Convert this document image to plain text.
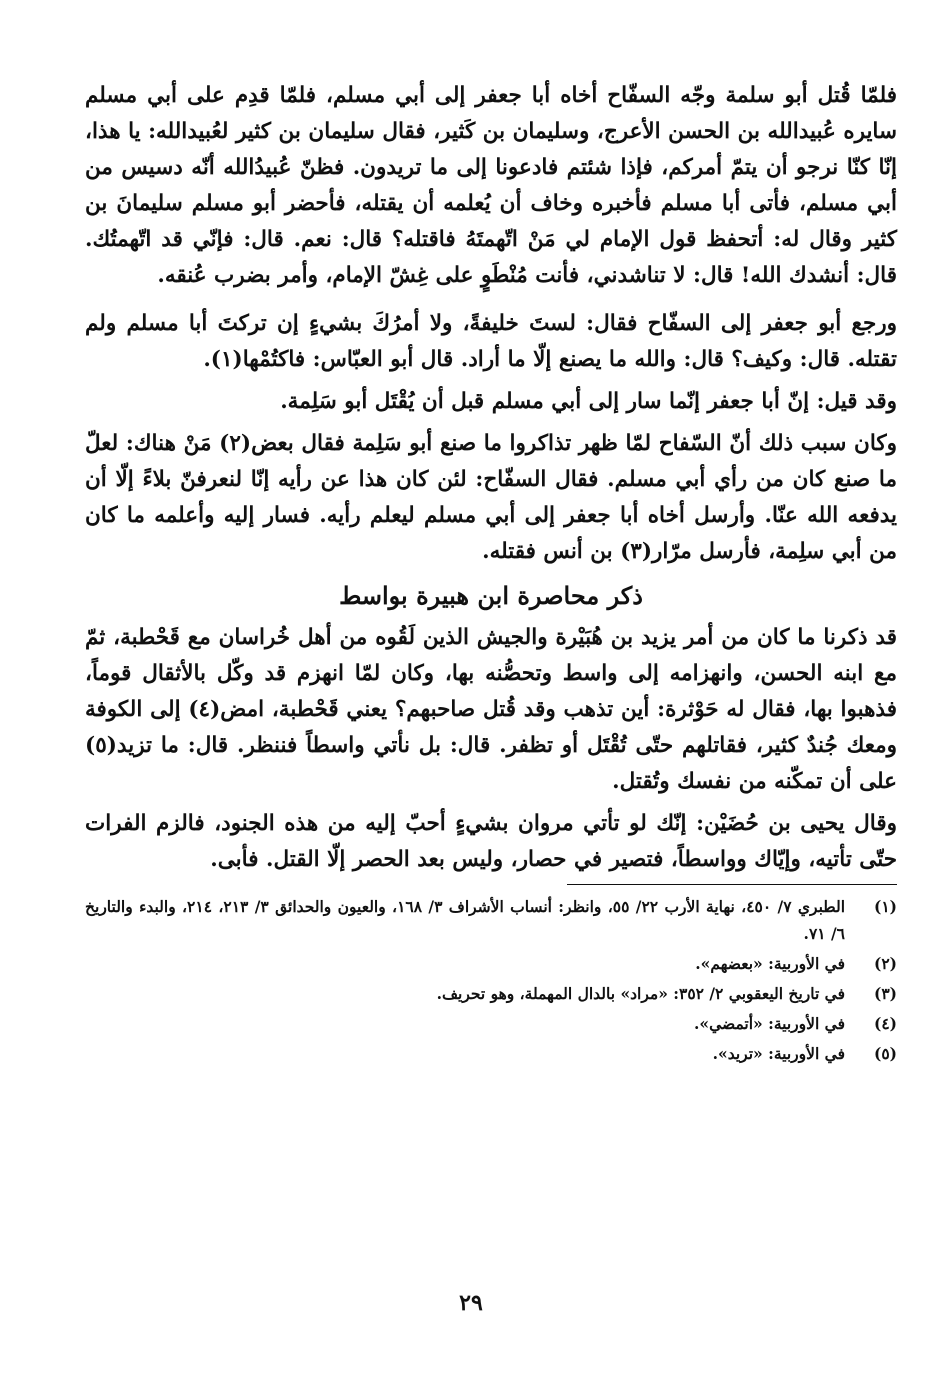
فلمّا قُتل أبو سلمة وجّه السفّاح أخاه أبا جعفر إلى أبي مسلم، فلمّا قدِم على أبي مسلم سايره عُبيدالله بن الحسن الأعرج، وسليمان بن كَثير، فقال سليمان بن كثير لعُبيدالله: يا هذا، إنّا كنّا نرجو أن يتمّ أمركم، فإذا شئتم فادعونا إلى ما تريدون. فظنّ عُبيدُالله أنّه دسيس من أبي مسلم، فأتى أبا مسلم فأخبره وخاف أن يُعلمه أن يقتله، فأحضر أبو مسلم سليمانَ بن كثير وقال له: أتحفظ قول الإمام لي مَنْ اتّهمتَهُ فاقتله؟ قال: نعم. قال: فإنّي قد اتّهمتُك. قال: أنشدك الله! قال: لا تناشدني، فأنت مُنْطَوٍ على غِشّ الإمام، وأمر بضرب عُنقه.

ورجع أبو جعفر إلى السفّاح فقال: لستَ خليفةً، ولا أمرُكَ بشيءٍ إن تركتَ أبا مسلم ولم تقتله. قال: وكيف؟ قال: والله ما يصنع إلّا ما أراد. قال أبو العبّاس: فاكتُمْها(١).

وقد قيل: إنّ أبا جعفر إنّما سار إلى أبي مسلم قبل أن يُقْتَل أبو سَلِمة.

وكان سبب ذلك أنّ السّفاح لمّا ظهر تذاكروا ما صنع أبو سَلِمة فقال بعض(٢) مَنْ هناك: لعلّ ما صنع كان من رأي أبي مسلم. فقال السفّاح: لئن كان هذا عن رأيه إنّا لنعرفنّ بلاءً إلّا أن يدفعه الله عنّا. وأرسل أخاه أبا جعفر إلى أبي مسلم ليعلم رأيه. فسار إليه وأعلمه ما كان من أبي سلِمة، فأرسل مرّار(٣) بن أنس فقتله.

ذكر محاصرة ابن هبيرة بواسط

قد ذكرنا ما كان من أمر يزيد بن هُبَيْرة والجيش الذين لَقُوه من أهل خُراسان مع قَحْطبة، ثمّ مع ابنه الحسن، وانهزامه إلى واسط وتحصُّنه بها، وكان لمّا انهزم قد وكّل بالأثقال قوماً، فذهبوا بها، فقال له حَوْثرة: أين تذهب وقد قُتل صاحبهم؟ يعني قَحْطبة، امض(٤) إلى الكوفة ومعك جُندٌ كثير، فقاتلهم حتّى تُقْتَل أو تظفر. قال: بل نأتي واسطاً فننظر. قال: ما تزيد(٥) على أن تمكّنه من نفسك وتُقتل.

وقال يحيى بن حُضَيْن: إنّك لو تأتي مروان بشيءٍ أحبّ إليه من هذه الجنود، فالزم الفرات حتّى تأتيه، وإيّاك وواسطاً، فتصير في حصار، وليس بعد الحصر إلّا القتل. فأبى.

(١)
الطبري ٧/ ٤٥٠، نهاية الأرب ٢٢/ ٥٥، وانظر: أنساب الأشراف ٣/ ١٦٨، والعيون والحدائق ٣/ ٢١٣، ٢١٤، والبدء والتاريخ ٦/ ٧١.
(٢)
في الأوربية: «بعضهم».
(٣)
في تاريخ اليعقوبي ٢/ ٣٥٢: «مراد» بالدال المهملة، وهو تحريف.
(٤)
في الأوربية: «أتمضي».
(٥)
في الأوربية: «تريد».
٢٩
